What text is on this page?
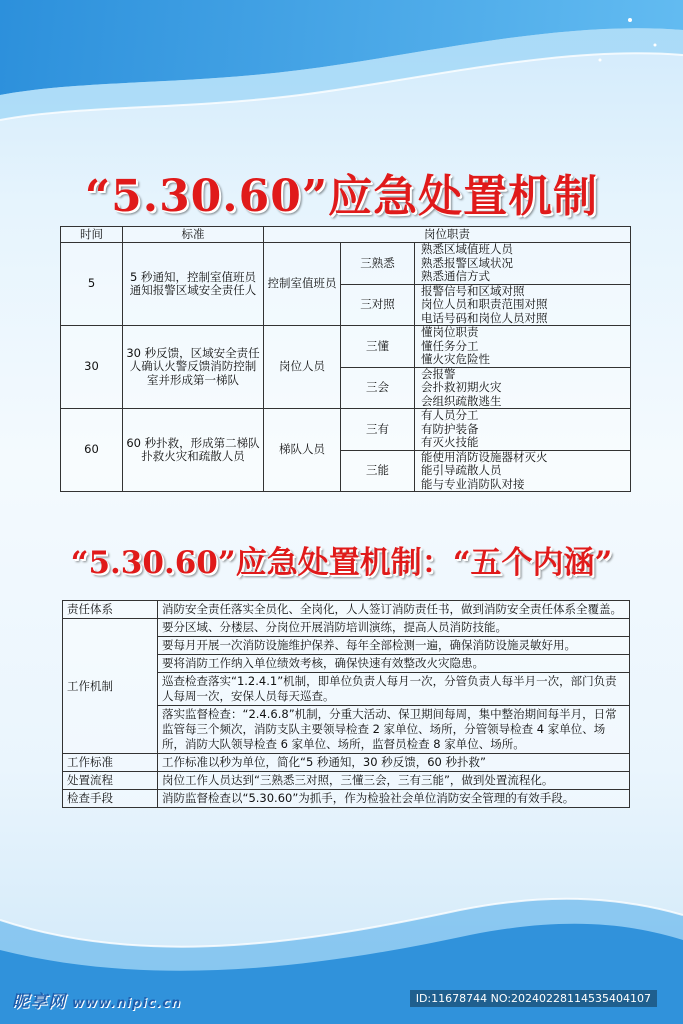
“5.30.60”应急处置机制
时间	标准	岗位职责		
5	5 秒通知，控制室值班员通知报警区域安全责任人	控制室值班员	三熟悉	熟悉区域值班人员
熟悉报警区域状况
熟悉通信方式

			三对照	报警信号和区域对照
岗位人员和职责范围对照
电话号码和岗位人员对照

30	30 秒反馈，区域安全责任人确认火警反馈消防控制室并形成第一梯队	岗位人员	三懂	懂岗位职责
懂任务分工
懂火灾危险性

			三会	会报警
会扑救初期火灾
会组织疏散逃生

60	60 秒扑救，形成第二梯队扑救火灾和疏散人员	梯队人员	三有	有人员分工
有防护装备
有灭火技能

			三能	能使用消防设施器材灭火
能引导疏散人员
能与专业消防队对接
“5.30.60”应急处置机制：“五个内涵”
责任体系	消防安全责任落实全员化、全岗化，人人签订消防责任书，做到消防安全责任体系全覆盖。
工作机制	要分区域、分楼层、分岗位开展消防培训演练，提高人员消防技能。
	要每月开展一次消防设施维护保养、每年全部检测一遍，确保消防设施灵敏好用。
	要将消防工作纳入单位绩效考核，确保快速有效整改火灾隐患。
	巡查检查落实“1.2.4.1”机制，即单位负责人每月一次，分管负责人每半月一次，部门负责人每周一次，安保人员每天巡查。
	落实监督检查：“2.4.6.8”机制，分重大活动、保卫期间每周，集中整治期间每半月，日常监管每三个频次，消防支队主要领导检查 2 家单位、场所，分管领导检查 4 家单位、场所，消防大队领导检查 6 家单位、场所，监督员检查 8 家单位、场所。
工作标准	工作标准以秒为单位，简化“5 秒通知，30 秒反馈，60 秒扑救”
处置流程	岗位工作人员达到“三熟悉三对照，三懂三会，三有三能”，做到处置流程化。
检查手段	消防监督检查以“5.30.60”为抓手，作为检验社会单位消防安全管理的有效手段。
昵享网 www.nipic.cn	ID:11678744 NO:20240228114535404107
